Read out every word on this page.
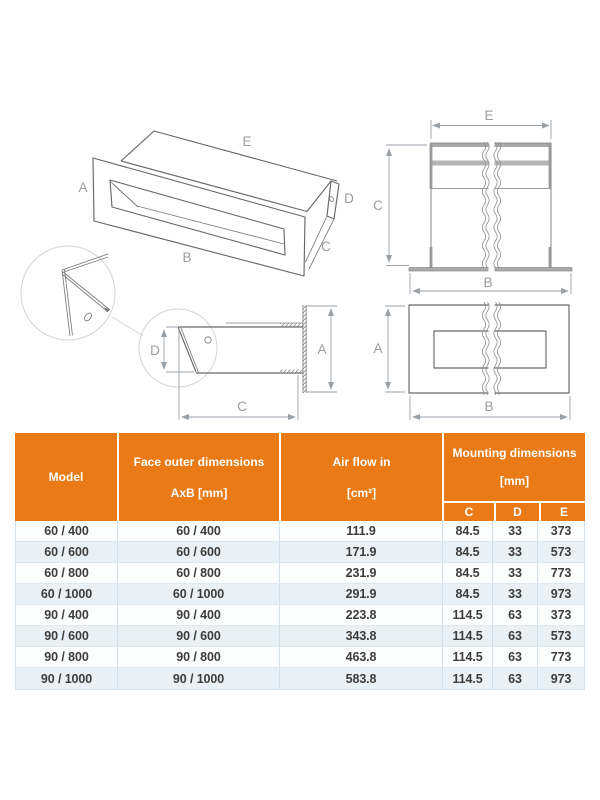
A
E
D
C
B
D	A
C
E
C
B
A
B
Model
Face outer dimensions
AxB [mm]
Air flow in
[cm²]
Mounting dimensions
[mm]
C	D	E
60 / 400	60 / 400	111.9	84.5	33	373
60 / 600	60 / 600	171.9	84.5	33	573
60 / 800	60 / 800	231.9	84.5	33	773
60 / 1000	60 / 1000	291.9	84.5	33	973
90 / 400	90 / 400	223.8	114.5	63	373
90 / 600	90 / 600	343.8	114.5	63	573
90 / 800	90 / 800	463.8	114.5	63	773
90 / 1000	90 / 1000	583.8	114.5	63	973
